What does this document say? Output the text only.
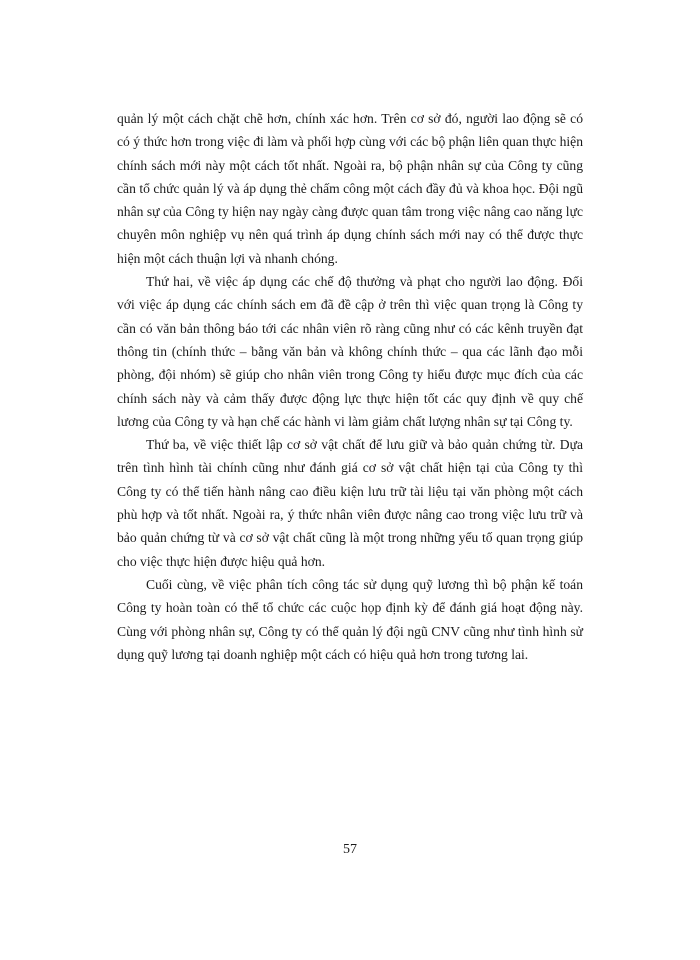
quản lý một cách chặt chẽ hơn, chính xác hơn. Trên cơ sở đó, người lao động sẽ có có ý thức hơn trong việc đi làm và phối hợp cùng với các bộ phận liên quan thực hiện chính sách mới này một cách tốt nhất. Ngoài ra, bộ phận nhân sự của Công ty cũng cần tổ chức quản lý và áp dụng thẻ chấm công một cách đầy đủ và khoa học. Đội ngũ nhân sự của Công ty hiện nay ngày càng được quan tâm trong việc nâng cao năng lực chuyên môn nghiệp vụ nên quá trình áp dụng chính sách mới nay có thể được thực hiện một cách thuận lợi và nhanh chóng.

Thứ hai, về việc áp dụng các chế độ thưởng và phạt cho người lao động. Đối với việc áp dụng các chính sách em đã đề cập ở trên thì việc quan trọng là Công ty cần có văn bản thông báo tới các nhân viên rõ ràng cũng như có các kênh truyền đạt thông tin (chính thức – bằng văn bản và không chính thức – qua các lãnh đạo mỗi phòng, đội nhóm) sẽ giúp cho nhân viên trong Công ty hiểu được mục đích của các chính sách này và cảm thấy được động lực thực hiện tốt các quy định về quy chế lương của Công ty và hạn chế các hành vi làm giảm chất lượng nhân sự tại Công ty.

Thứ ba, về việc thiết lập cơ sở vật chất để lưu giữ và bảo quản chứng từ. Dựa trên tình hình tài chính cũng như đánh giá cơ sở vật chất hiện tại của Công ty thì Công ty có thể tiến hành nâng cao điều kiện lưu trữ tài liệu tại văn phòng một cách phù hợp và tốt nhất. Ngoài ra, ý thức nhân viên được nâng cao trong việc lưu trữ và bảo quản chứng từ và cơ sở vật chất cũng là một trong những yếu tố quan trọng giúp cho việc thực hiện được hiệu quả hơn.

Cuối cùng, về việc phân tích công tác sử dụng quỹ lương thì bộ phận kế toán Công ty hoàn toàn có thể tổ chức các cuộc họp định kỳ để đánh giá hoạt động này. Cùng với phòng nhân sự, Công ty có thể quản lý đội ngũ CNV cũng như tình hình sử dụng quỹ lương tại doanh nghiệp một cách có hiệu quả hơn trong tương lai.

57
